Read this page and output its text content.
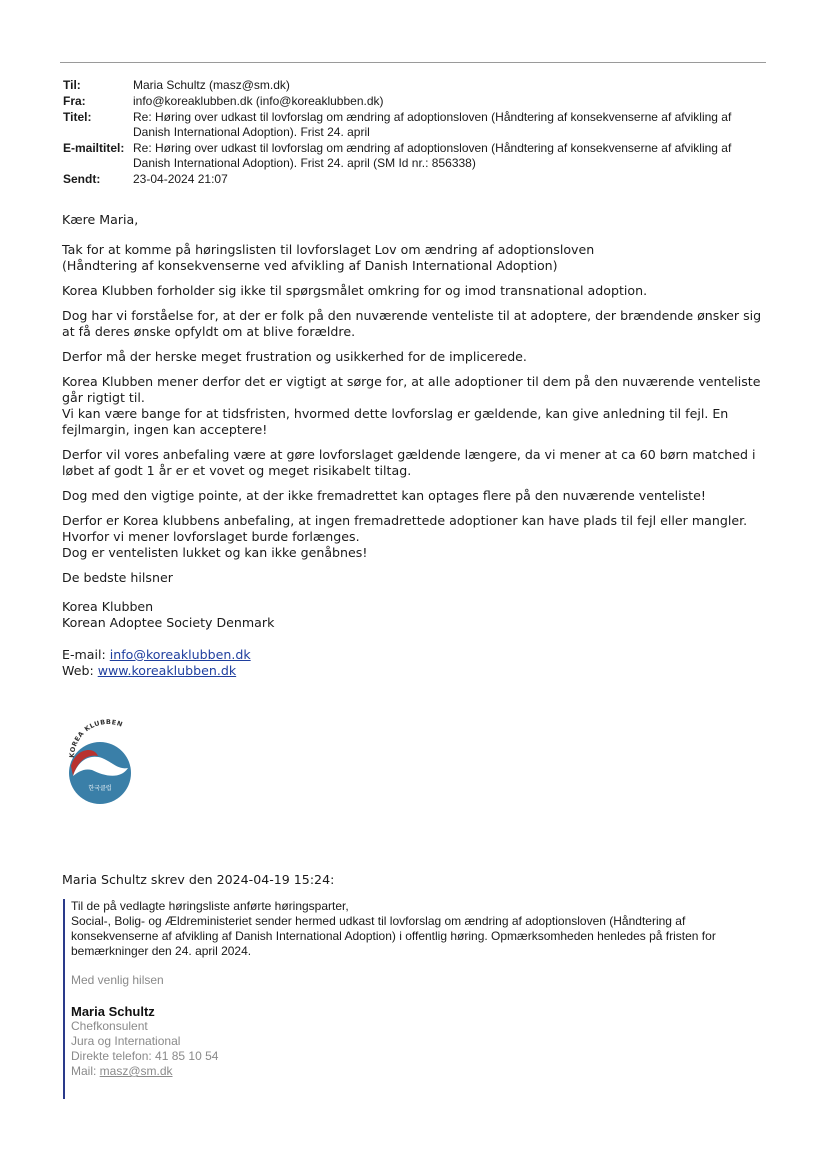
Til:	Maria Schultz (masz@sm.dk)
Fra:	info@koreaklubben.dk (info@koreaklubben.dk)
Titel:	Re: Høring over udkast til lovforslag om ændring af adoptionsloven (Håndtering af konsekvenserne af afvikling af Danish International Adoption). Frist 24. april
E-mailtitel: Re: Høring over udkast til lovforslag om ændring af adoptionsloven (Håndtering af konsekvenserne af afvikling af Danish International Adoption). Frist 24. april (SM Id nr.: 856338)
Sendt:	23-04-2024 21:07

Kære Maria,

Tak for at komme på høringslisten til lovforslaget Lov om ændring af adoptionsloven
(Håndtering af konsekvenserne ved afvikling af Danish International Adoption)

Korea Klubben forholder sig ikke til spørgsmålet omkring for og imod transnational adoption.

Dog har vi forståelse for, at der er folk på den nuværende venteliste til at adoptere, der brændende ønsker sig at få deres ønske opfyldt om at blive forældre.

Derfor må der herske meget frustration og usikkerhed for de implicerede.

Korea Klubben mener derfor det er vigtigt at sørge for, at alle adoptioner til dem på den nuværende venteliste går rigtigt til.
Vi kan være bange for at tidsfristen, hvormed dette lovforslag er gældende, kan give anledning til fejl. En fejlmargin, ingen kan acceptere!

Derfor vil vores anbefaling være at gøre lovforslaget gældende længere, da vi mener at ca 60 børn matched i løbet af godt 1 år er et vovet og meget risikabelt tiltag.

Dog med den vigtige pointe, at der ikke fremadrettet kan optages flere på den nuværende venteliste!

Derfor er Korea klubbens anbefaling, at ingen fremadrettede adoptioner kan have plads til fejl eller mangler.
Hvorfor vi mener lovforslaget burde forlænges.
Dog er ventelisten lukket og kan ikke genåbnes!

De bedste hilsner

Korea Klubben
Korean Adoptee Society Denmark

E-mail: info@koreaklubben.dk
Web: www.koreaklubben.dk

KOREA KLUBBEN
한국클럽
Maria Schultz skrev den 2024-04-19 15:24:

Til de på vedlagte høringsliste anførte høringsparter,

Social-, Bolig- og Ældreministeriet sender hermed udkast til lovforslag om ændring af adoptionsloven (Håndtering af konsekvenserne af afvikling af Danish International Adoption) i offentlig høring. Opmærksomheden henledes på fristen for bemærkninger den 24. april 2024.

Med venlig hilsen
Maria Schultz
Chefkonsulent
Jura og International
Direkte telefon: 41 85 10 54
Mail: masz@sm.dk
